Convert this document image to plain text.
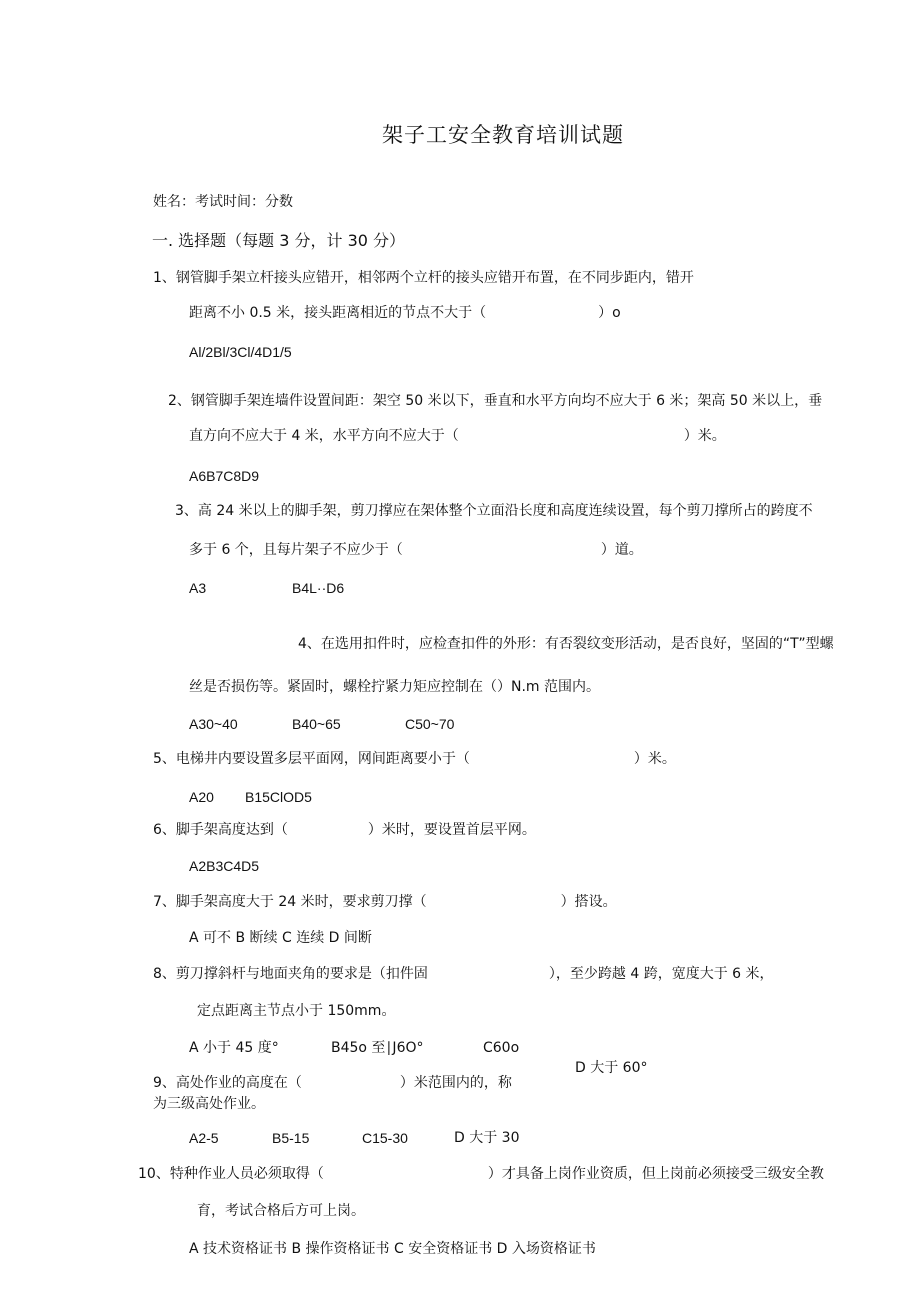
架子工安全教育培训试题
姓名：考试时间：分数
一. 选择题（每题 3 分，计 30 分）
1、钢管脚手架立杆接头应错开，相邻两个立杆的接头应错开布置，在不同步距内，错开
距离不小 0.5 米，接头距离相近的节点不大于（	）o
Al/2Bl/3Cl/4D1/5
2、钢管脚手架连墙件设置间距：架空 50 米以下，垂直和水平方向均不应大于 6 米；架高 50 米以上，垂
直方向不应大于 4 米，水平方向不应大于（	）米。
A6B7C8D9
3、高 24 米以上的脚手架，剪刀撑应在架体整个立面沿长度和高度连续设置，每个剪刀撑所占的跨度不
多于 6 个，且每片架子不应少于（	）道。
A3	B4L··D6
4、在选用扣件时，应检查扣件的外形：有否裂纹变形活动，是否良好，坚固的“T”型螺
丝是否损伤等。紧固时，螺栓拧紧力矩应控制在（）N.m 范围内。
A30~40	B40~65	C50~70
5、电梯井内要设置多层平面网，网间距离要小于（	）米。
A20 B15ClOD5
6、脚手架高度达到（	）米时，要设置首层平网。
A2B3C4D5
7、脚手架高度大于 24 米时，要求剪刀撑（	）搭设。
A 可不 B 断续 C 连续 D 间断
8、剪刀撑斜杆与地面夹角的要求是（扣件固	），至少跨越 4 跨，宽度大于 6 米，
定点距离主节点小于 150mm。
A 小于 45 度°	B45o 至∣J6O°	C60o
D 大于 60°
9、高处作业的高度在（	）米范围内的，称
为三级高处作业。
A2-5	B5-15	C15-30	D 大于 30
10、特种作业人员必须取得（	）才具备上岗作业资质，但上岗前必须接受三级安全教
育，考试合格后方可上岗。
A 技术资格证书 B 操作资格证书 C 安全资格证书 D 入场资格证书
